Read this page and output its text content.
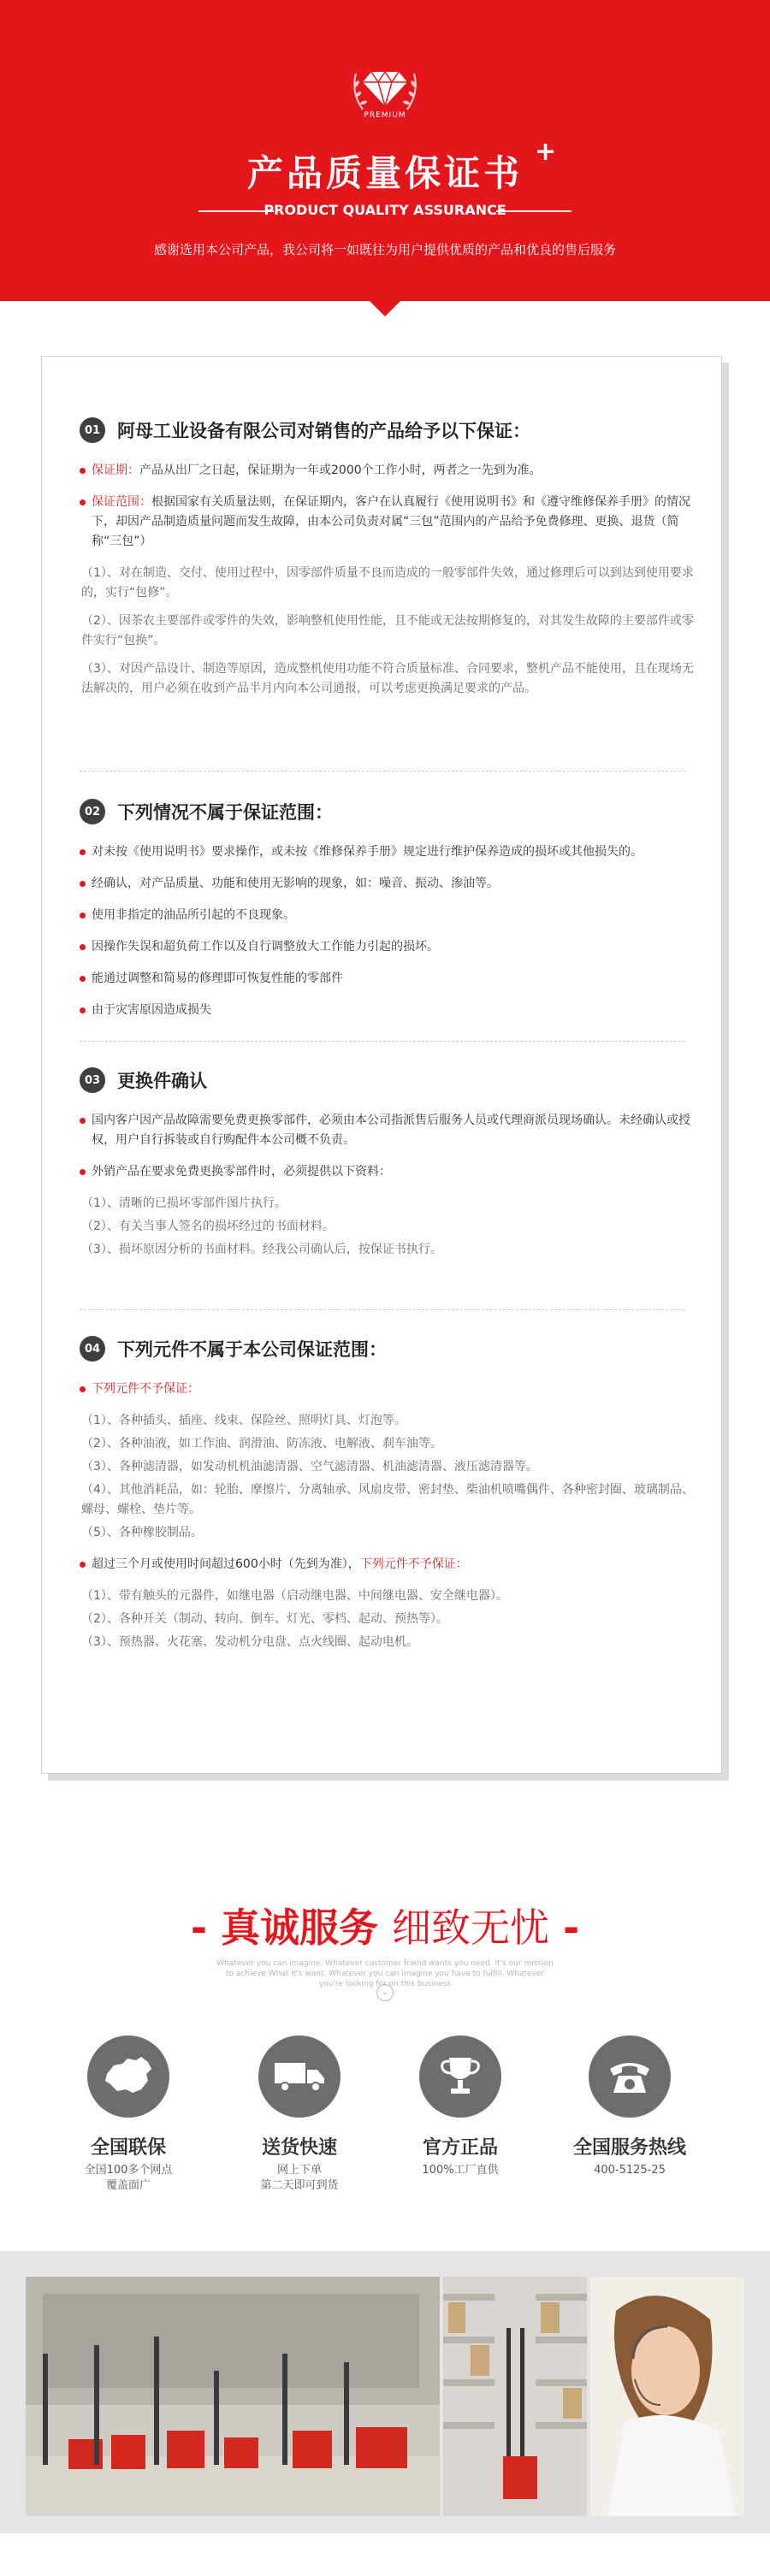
PREMIUM
产品质量保证书
+
PRODUCT QUALITY ASSURANCE
感谢选用本公司产品，我公司将一如既往为用户提供优质的产品和优良的售后服务
01 阿母工业设备有限公司对销售的产品给予以下保证：
保证期：产品从出厂之日起，保证期为一年或2000个工作小时，两者之一先到为准。
保证范围：根据国家有关质量法则，在保证期内，客户在认真履行《使用说明书》和《遵守维修保养手册》的情况下，却因产品制造质量问题而发生故障，由本公司负责对属“三包”范围内的产品给予免费修理、更换、退货（简称“三包”）
（1）、对在制造、交付、使用过程中，因零部件质量不良而造成的一般零部件失效，通过修理后可以到达到使用要求的，实行“包修”。
（2）、因茶农主要部件或零件的失效，影响整机使用性能，且不能或无法按期修复的，对其发生故障的主要部件或零件实行“包换”。
（3）、对因产品设计、制造等原因，造成整机使用功能不符合质量标准、合同要求，整机产品不能使用，且在现场无法解决的，用户必须在收到产品半月内向本公司通报，可以考虑更换满足要求的产品。
02 下列情况不属于保证范围：
对未按《使用说明书》要求操作，或未按《维修保养手册》规定进行维护保养造成的损坏或其他损失的。
经确认，对产品质量、功能和使用无影响的现象，如：噪音、振动、渗油等。
使用非指定的油品所引起的不良现象。
因操作失误和超负荷工作以及自行调整放大工作能力引起的损坏。
能通过调整和简易的修理即可恢复性能的零部件
由于灾害原因造成损失
03 更换件确认
国内客户因产品故障需要免费更换零部件，必须由本公司指派售后服务人员或代理商派员现场确认。未经确认或授权，用户自行拆装或自行购配件本公司概不负责。
外销产品在要求免费更换零部件时，必须提供以下资料：
（1）、清晰的已损坏零部件图片执行。
（2）、有关当事人签名的损坏经过的书面材料。
（3）、损坏原因分析的书面材料。经我公司确认后，按保证书执行。
04 下列元件不属于本公司保证范围：
下列元件不予保证：
（1）、各种插头、插座、线束、保险丝、照明灯具、灯泡等。
（2）、各种油液，如工作油、润滑油、防冻液、电解液、刹车油等。
（3）、各种滤清器，如发动机机油滤清器、空气滤清器、机油滤清器、液压滤清器等。
（4）、其他消耗品，如：轮胎、摩擦片、分离轴承、风扇皮带、密封垫、柴油机喷嘴偶件、各种密封圈、玻璃制品、螺母、螺栓、垫片等。
（5）、各种橡胶制品。
超过三个月或使用时间超过600小时（先到为准），下列元件不予保证：
（1）、带有触头的元器件，如继电器（启动继电器、中间继电器、安全继电器）。
（2）、各种开关（制动、转向、倒车、灯光、零档、起动、预热等）。
（3）、预热器、火花塞、发动机分电盘、点火线圈、起动电机。
- 真诚服务 细致无忧 -
Whatever you can imagine, Whatever customer friend wants you need. It's our mission to achieve What it's want. Whatever you can imagine you have to fulfill. Whatever you're looking for on this business
⌄
全国联保
全国100多个网点
覆盖面广
送货快速
网上下单
第二天即可到货
官方正品
100%工厂直供
全国服务热线
400-5125-25
